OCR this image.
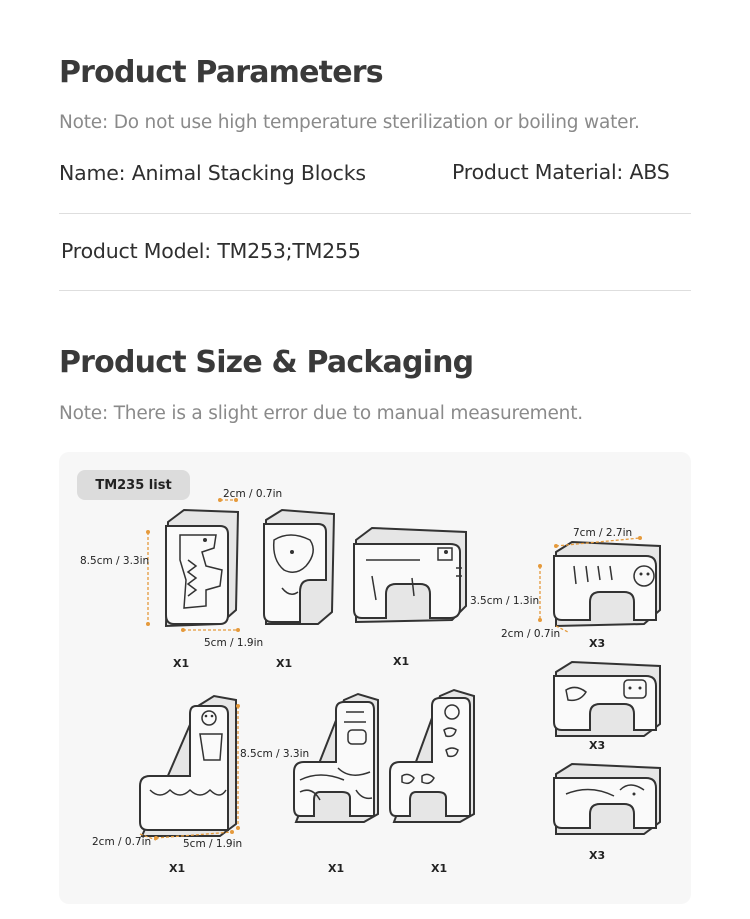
Product Parameters
Note: Do not use high temperature sterilization or boiling water.
Name: Animal Stacking Blocks	Product Material: ABS
Product Model: TM253;TM255
Product Size & Packaging
Note: There is a slight error due to manual measurement.
TM235 list
2cm / 0.7in
8.5cm / 3.3in
5cm / 1.9in
7cm / 2.7in
3.5cm / 1.3in
2cm / 0.7in
8.5cm / 3.3in
2cm / 0.7in	5cm / 1.9in
X1	X1	X1
X3
X3
X3
X1	X1	X1
